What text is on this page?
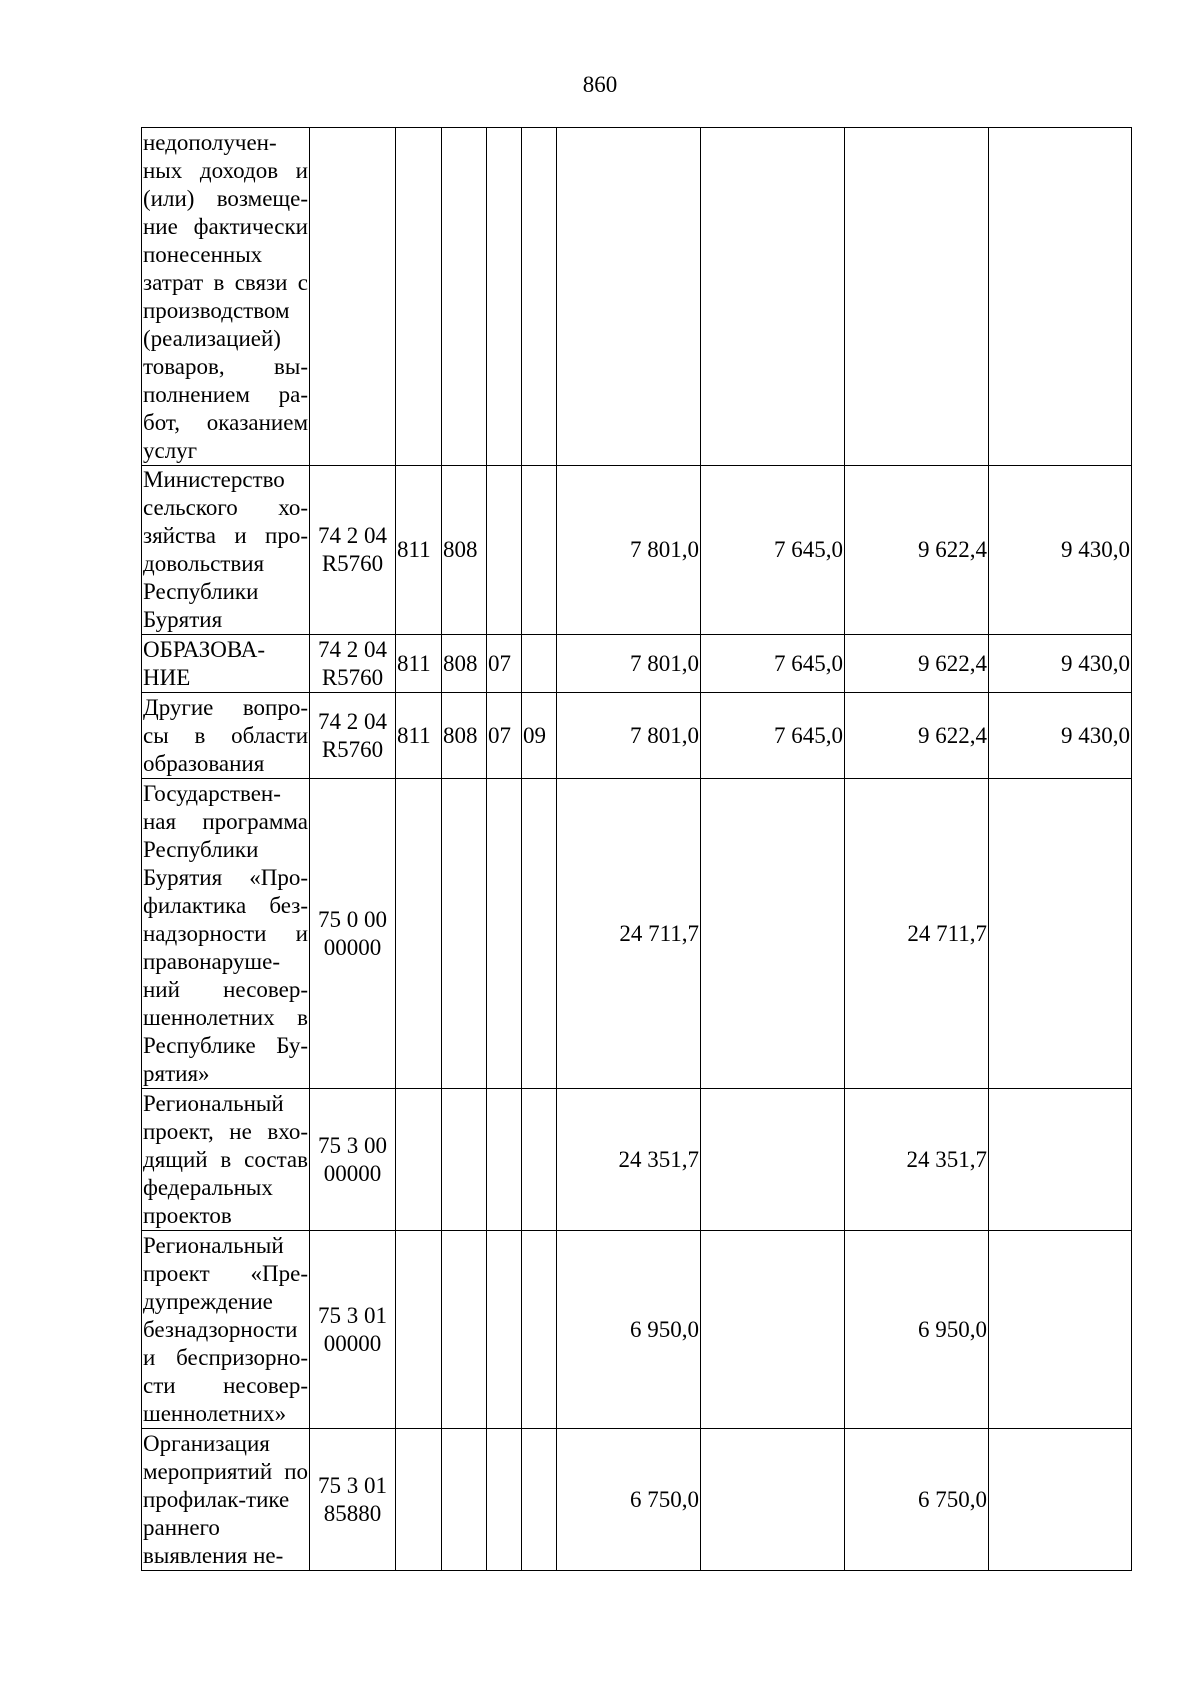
860
недополучен-ных доходов и (или) возмеще-ние фактически понесенных затрат в связи с производством (реализацией) товаров, вы-полнением ра-бот, оказанием услуг									
Министерство сельского хо-зяйства и про-довольствия Республики Бурятия	74 2 04 R5760	811	808			7 801,0	7 645,0	9 622,4	9 430,0
ОБРАЗОВА-НИЕ	74 2 04 R5760	811	808	07		7 801,0	7 645,0	9 622,4	9 430,0
Другие вопро-сы в области образования	74 2 04 R5760	811	808	07	09	7 801,0	7 645,0	9 622,4	9 430,0
Государствен-ная программа Республики Бурятия «Про-филактика без-надзорности и правонаруше-ний несовер-шеннолетних в Республике Бу-рятия»	75 0 00 00000					24 711,7		24 711,7	
Региональный проект, не вхо-дящий в состав федеральных проектов	75 3 00 00000					24 351,7		24 351,7	
Региональный проект «Пре-дупреждение безнадзорности и беспризорно-сти несовер-шеннолетних»	75 3 01 00000					6 950,0		6 950,0	
Организация мероприятий по профилак-тике раннего выявления не-	75 3 01 85880					6 750,0		6 750,0	
